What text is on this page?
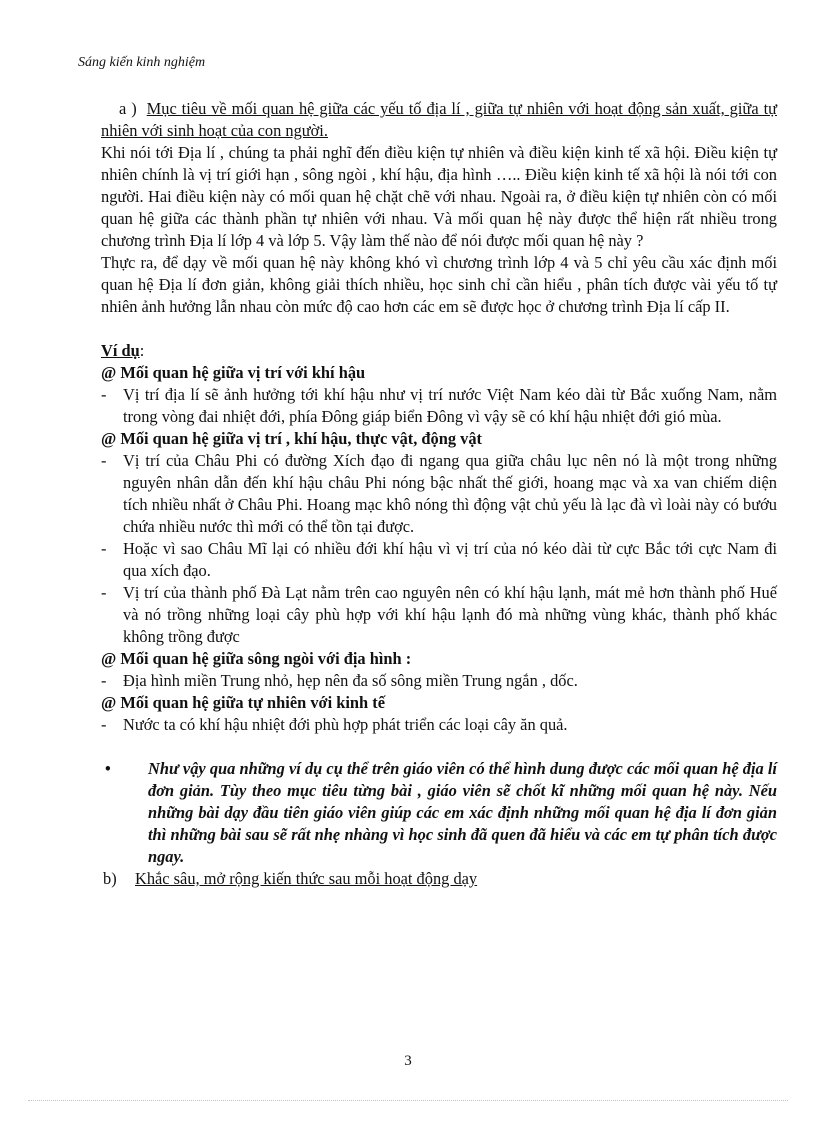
Sáng kiến kinh nghiệm
a ) Mục tiêu về mối quan hệ giữa các yếu tố địa lí , giữa tự nhiên với hoạt động sản xuất, giữa tự nhiên với sinh hoạt của con người.

Khi nói tới Địa lí , chúng ta phải nghĩ đến điều kiện tự nhiên và điều kiện kinh tế xã hội. Điều kiện tự nhiên chính là vị trí giới hạn , sông ngòi , khí hậu, địa hình ….. Điều kiện kinh tế xã hội là nói tới con người. Hai điều kiện này có mối quan hệ chặt chẽ với nhau. Ngoài ra, ở điều kiện tự nhiên còn có mối quan hệ giữa các thành phần tự nhiên với nhau. Và mối quan hệ này được thể hiện rất nhiều trong chương trình Địa lí lớp 4 và lớp 5. Vậy làm thế nào để nói được mối quan hệ này ?

Thực ra, để dạy về mối quan hệ này không khó vì chương trình lớp 4 và 5 chỉ yêu cầu xác định mối quan hệ Địa lí đơn giản, không giải thích nhiều, học sinh chỉ cần hiểu , phân tích được vài yếu tố tự nhiên ảnh hưởng lẫn nhau còn mức độ cao hơn các em sẽ được học ở chương trình Địa lí cấp II.

Ví dụ:
@ Mối quan hệ giữa vị trí với khí hậu
- Vị trí địa lí sẽ ảnh hưởng tới khí hậu như vị trí nước Việt Nam kéo dài từ Bắc xuống Nam, nằm trong vòng đai nhiệt đới, phía Đông giáp biển Đông vì vậy sẽ có khí hậu nhiệt đới gió mùa.
@ Mối quan hệ giữa vị trí , khí hậu, thực vật, động vật
- Vị trí của Châu Phi có đường Xích đạo đi ngang qua giữa châu lục nên nó là một trong những nguyên nhân dẫn đến khí hậu châu Phi nóng bậc nhất thế giới, hoang mạc và xa van chiếm diện tích nhiều nhất ở Châu Phi. Hoang mạc khô nóng thì động vật chủ yếu là lạc đà vì loài này có bướu chứa nhiều nước thì mới có thể tồn tại được.
- Hoặc vì sao Châu Mĩ lại có nhiều đới khí hậu vì vị trí của nó kéo dài từ cực Bắc tới cực Nam đi qua xích đạo.
- Vị trí của thành phố Đà Lạt nằm trên cao nguyên nên có khí hậu lạnh, mát mẻ hơn thành phố Huế và nó trồng những loại cây phù hợp với khí hậu lạnh đó mà những vùng khác, thành phố khác không trồng được
@ Mối quan hệ giữa sông ngòi với địa hình :
- Địa hình miền Trung nhỏ, hẹp nên đa số sông miền Trung ngắn , dốc.
@ Mối quan hệ giữa tự nhiên với kinh tế
- Nước ta có khí hậu nhiệt đới phù hợp phát triển các loại cây ăn quả.
• Như vậy qua những ví dụ cụ thể trên giáo viên có thể hình dung được các mối quan hệ địa lí đơn giản. Tùy theo mục tiêu từng bài , giáo viên sẽ chốt kĩ những mối quan hệ này. Nếu những bài dạy đầu tiên giáo viên giúp các em xác định những mối quan hệ địa lí đơn giản thì những bài sau sẽ rất nhẹ nhàng vì học sinh đã quen đã hiểu và các em tự phân tích được ngay.
b) Khắc sâu, mở rộng kiến thức sau mỗi hoạt động dạy
3
